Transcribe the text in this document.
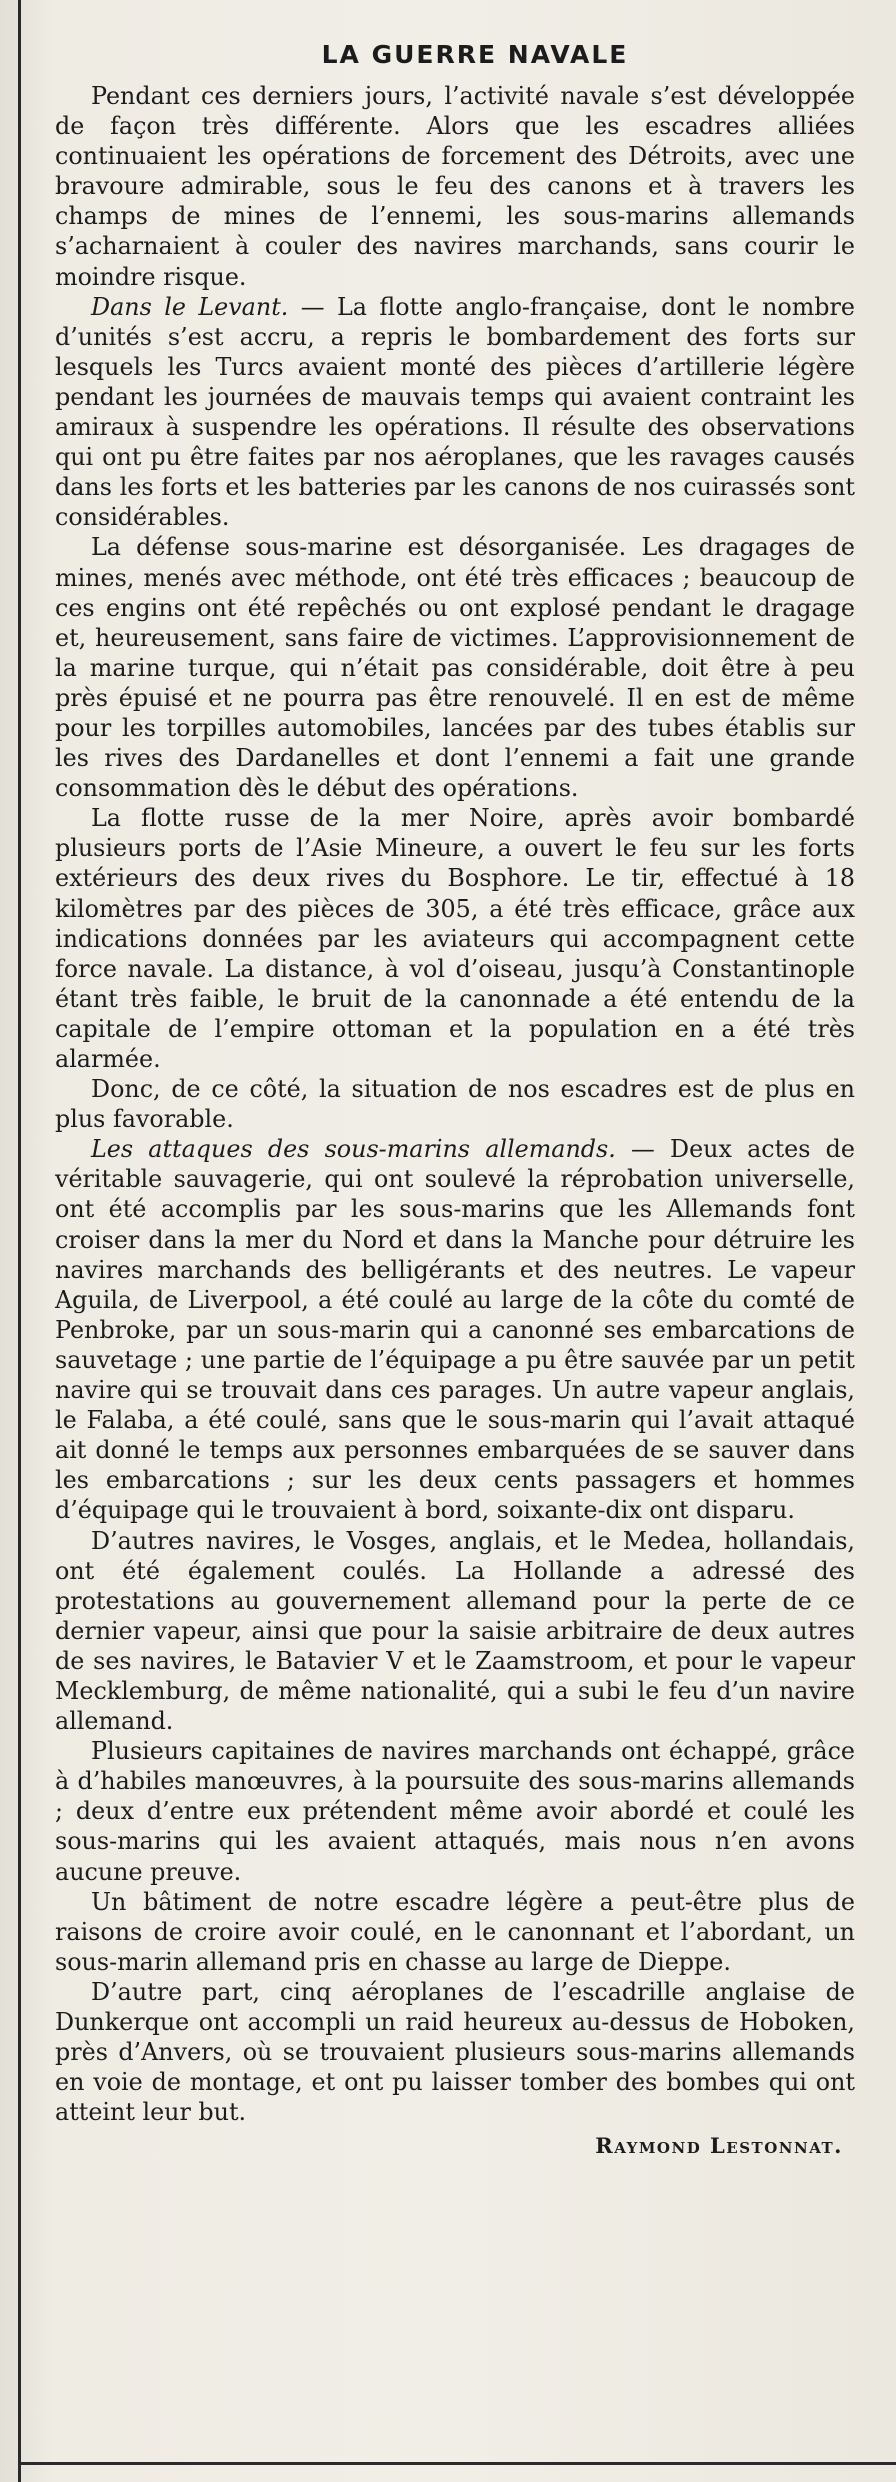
LA GUERRE NAVALE

Pendant ces derniers jours, l’activité navale s’est développée de façon très différente. Alors que les escadres alliées continuaient les opérations de forcement des Détroits, avec une bravoure admirable, sous le feu des canons et à travers les champs de mines de l’ennemi, les sous-marins allemands s’acharnaient à couler des navires marchands, sans courir le moindre risque.

Dans le Levant. — La flotte anglo-française, dont le nombre d’unités s’est accru, a repris le bombardement des forts sur lesquels les Turcs avaient monté des pièces d’artillerie légère pendant les journées de mauvais temps qui avaient contraint les amiraux à suspendre les opérations. Il résulte des observations qui ont pu être faites par nos aéroplanes, que les ravages causés dans les forts et les batteries par les canons de nos cuirassés sont considérables.

La défense sous-marine est désorganisée. Les dragages de mines, menés avec méthode, ont été très efficaces ; beaucoup de ces engins ont été repêchés ou ont explosé pendant le dragage et, heureusement, sans faire de victimes. L’approvisionnement de la marine turque, qui n’était pas considérable, doit être à peu près épuisé et ne pourra pas être renouvelé. Il en est de même pour les torpilles automobiles, lancées par des tubes établis sur les rives des Dardanelles et dont l’ennemi a fait une grande consommation dès le début des opérations.

La flotte russe de la mer Noire, après avoir bombardé plusieurs ports de l’Asie Mineure, a ouvert le feu sur les forts extérieurs des deux rives du Bosphore. Le tir, effectué à 18 kilomètres par des pièces de 305, a été très efficace, grâce aux indications données par les aviateurs qui accompagnent cette force navale. La distance, à vol d’oiseau, jusqu’à Constantinople étant très faible, le bruit de la canonnade a été entendu de la capitale de l’empire ottoman et la population en a été très alarmée.

Donc, de ce côté, la situation de nos escadres est de plus en plus favorable.

Les attaques des sous-marins allemands. — Deux actes de véritable sauvagerie, qui ont soulevé la réprobation universelle, ont été accomplis par les sous-marins que les Allemands font croiser dans la mer du Nord et dans la Manche pour détruire les navires marchands des belligérants et des neutres. Le vapeur Aguila, de Liverpool, a été coulé au large de la côte du comté de Penbroke, par un sous-marin qui a canonné ses embarcations de sauvetage ; une partie de l’équipage a pu être sauvée par un petit navire qui se trouvait dans ces parages. Un autre vapeur anglais, le Falaba, a été coulé, sans que le sous-marin qui l’avait attaqué ait donné le temps aux personnes embarquées de se sauver dans les embarcations ; sur les deux cents passagers et hommes d’équipage qui le trouvaient à bord, soixante-dix ont disparu.

D’autres navires, le Vosges, anglais, et le Medea, hollandais, ont été également coulés. La Hollande a adressé des protestations au gouvernement allemand pour la perte de ce dernier vapeur, ainsi que pour la saisie arbitraire de deux autres de ses navires, le Batavier V et le Zaamstroom, et pour le vapeur Mecklemburg, de même nationalité, qui a subi le feu d’un navire allemand.

Plusieurs capitaines de navires marchands ont échappé, grâce à d’habiles manœuvres, à la poursuite des sous-marins allemands ; deux d’entre eux prétendent même avoir abordé et coulé les sous-marins qui les avaient attaqués, mais nous n’en avons aucune preuve.

Un bâtiment de notre escadre légère a peut-être plus de raisons de croire avoir coulé, en le canonnant et l’abordant, un sous-marin allemand pris en chasse au large de Dieppe.

D’autre part, cinq aéroplanes de l’escadrille anglaise de Dunkerque ont accompli un raid heureux au-dessus de Hoboken, près d’Anvers, où se trouvaient plusieurs sous-marins allemands en voie de montage, et ont pu laisser tomber des bombes qui ont atteint leur but.

Raymond Lestonnat.
